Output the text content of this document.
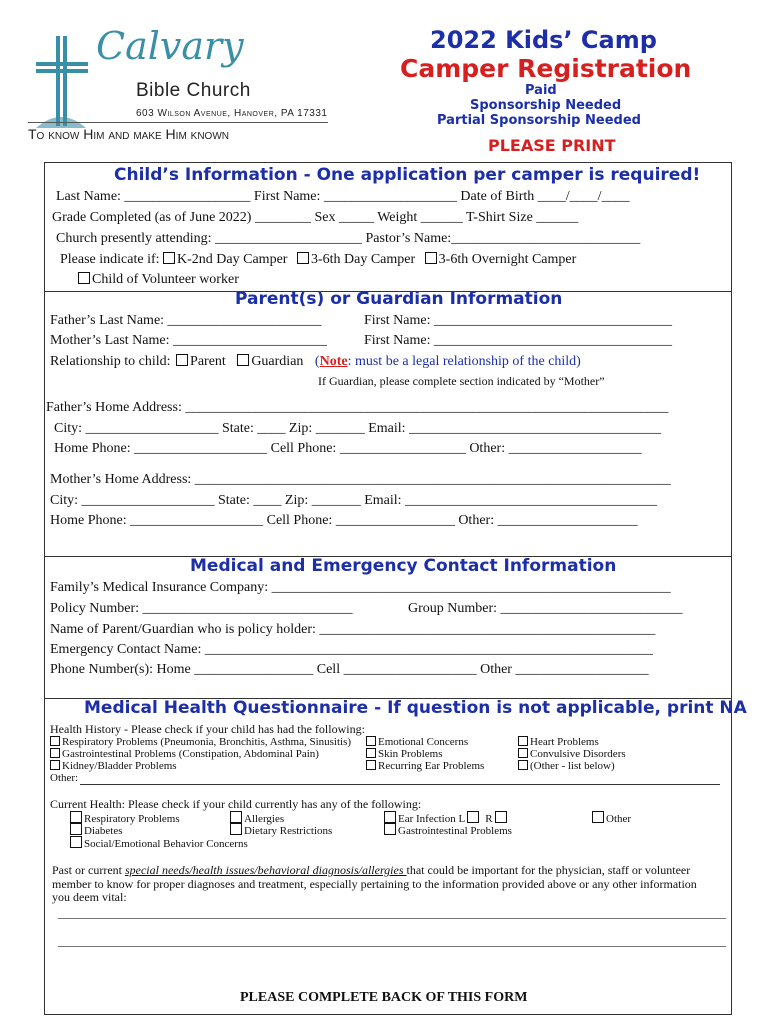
Calvary
Bible Church
603 Wilson Avenue, Hanover, PA 17331
To know Him and make Him known
2022 Kids’ Camp
Camper Registration
Paid
Sponsorship Needed
Partial Sponsorship Needed
PLEASE PRINT
Child’s Information - One application per camper is required!
Last Name: __________________ First Name: ___________________ Date of Birth ____/____/____
Grade Completed (as of June 2022) ________ Sex _____ Weight ______ T-Shirt Size ______
Church presently attending: _____________________ Pastor’s Name:___________________________
Please indicate if: K-2nd Day Camper 3-6th Day Camper 3-6th Overnight Camper
Child of Volunteer worker
Parent(s) or Guardian Information
Father’s Last Name: ______________________	First Name: __________________________________
Mother’s Last Name: ______________________	First Name: __________________________________
Relationship to child: Parent Guardian (Note: must be a legal relationship of the child)
If Guardian, please complete section indicated by “Mother”
Father’s Home Address: _____________________________________________________________________
City: ___________________ State: ____ Zip: _______ Email: ____________________________________
Home Phone: ___________________ Cell Phone: __________________ Other: ___________________
Mother’s Home Address: ____________________________________________________________________
City: ___________________ State: ____ Zip: _______ Email: ____________________________________
Home Phone: ___________________ Cell Phone: _________________ Other: ____________________
Medical and Emergency Contact Information
Family’s Medical Insurance Company: _________________________________________________________
Policy Number: ______________________________	Group Number: __________________________
Name of Parent/Guardian who is policy holder: ________________________________________________
Emergency Contact Name: ________________________________________________________________
Phone Number(s): Home _________________ Cell ___________________ Other ___________________
Medical Health Questionnaire - If question is not applicable, print NA
Health History - Please check if your child has had the following:
Respiratory Problems (Pneumonia, Bronchitis, Asthma, Sinusitis)
Gastrointestinal Problems (Constipation, Abdominal Pain)
Kidney/Bladder Problems
Emotional Concerns
Skin Problems
Recurring Ear Problems
Heart Problems
Convulsive Disorders
(Other - list below)
Other:
Current Health: Please check if your child currently has any of the following:
Respiratory Problems
Diabetes
Social/Emotional Behavior Concerns
Allergies
Dietary Restrictions
Ear Infection L R
Gastrointestinal Problems
Other
Past or current special needs/health issues/behavioral diagnosis/allergies that could be important for the physician, staff or volunteer
member to know for proper diagnoses and treatment, especially pertaining to the information provided above or any other information
you deem vital:
PLEASE COMPLETE BACK OF THIS FORM
